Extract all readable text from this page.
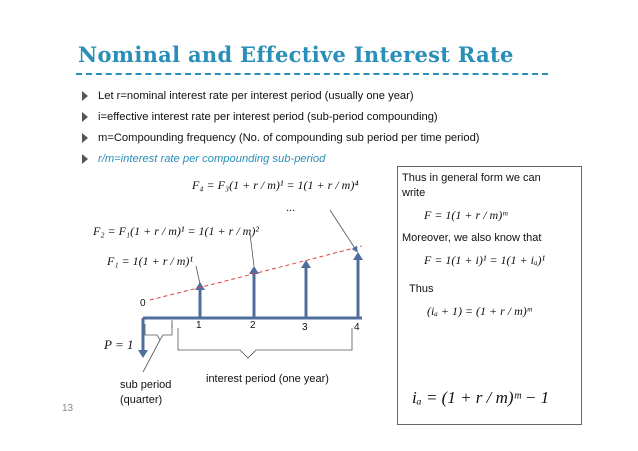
Nominal and Effective Interest Rate
Let r=nominal interest rate per interest period (usually one year)
i=effective interest rate per interest period (sub-period compounding)
m=Compounding frequency (No. of compounding sub period per time period)
r/m=interest rate per compounding sub-period
F₄ = F₃(1 + r / m)¹ = 1(1 + r / m)⁴
...
F₂ = F₁(1 + r / m)¹ = 1(1 + r / m)²
F₁ = 1(1 + r / m)¹
P = 1
0
1	2	3	4
sub period
(quarter)
interest period (one year)
13
Thus in general form we can
write
F = 1(1 + r / m)ᵐ
Moreover, we also know that
F = 1(1 + i)¹ = 1(1 + iₐ)¹
Thus
(iₐ + 1) = (1 + r / m)ᵐ
iₐ = (1 + r / m)ᵐ − 1
